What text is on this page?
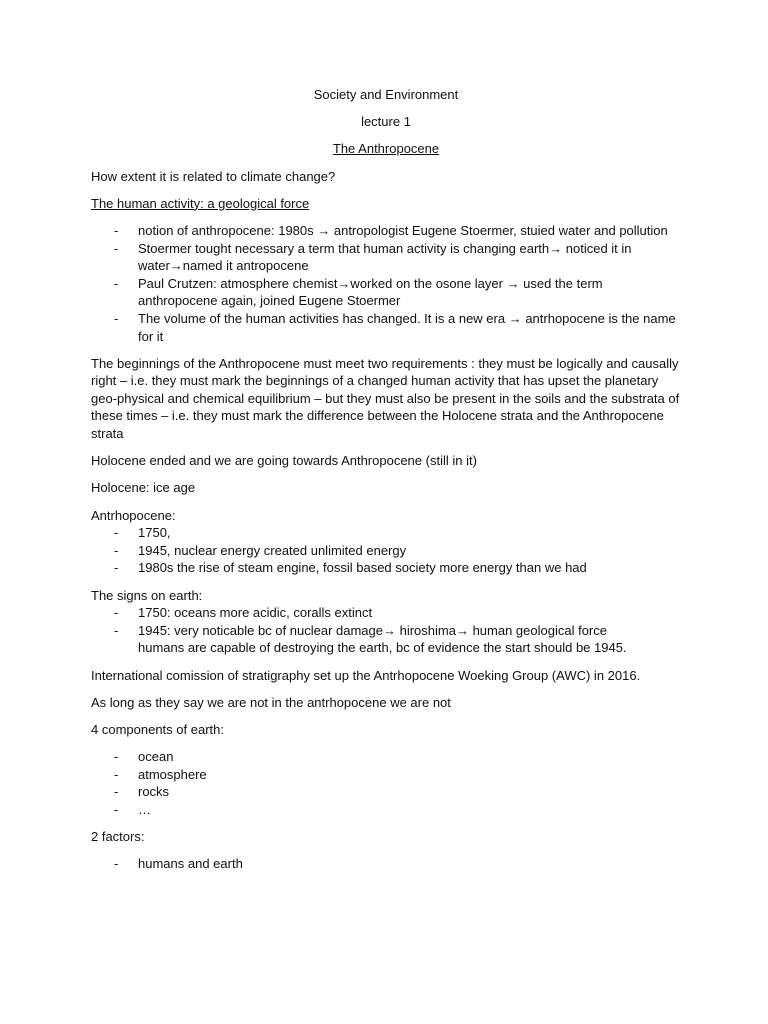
Society and Environment
lecture 1
The Anthropocene

How extent it is related to climate change?

The human activity: a geological force

- notion of anthropocene: 1980s → antropologist Eugene Stoermer, stuied water and pollution
- Stoermer tought necessary a term that human activity is changing earth→ noticed it in water→named it antropocene
- Paul Crutzen: atmosphere chemist→worked on the osone layer → used the term anthropocene again, joined Eugene Stoermer
- The volume of the human activities has changed. It is a new era → antrhopocene is the name for it

The beginnings of the Anthropocene must meet two requirements : they must be logically and causally right – i.e. they must mark the beginnings of a changed human activity that has upset the planetary geo-physical and chemical equilibrium – but they must also be present in the soils and the substrata of these times – i.e. they must mark the difference between the Holocene strata and the Anthropocene strata

Holocene ended and we are going towards Anthropocene (still in it)

Holocene: ice age

Antrhopocene:
- 1750,
- 1945, nuclear energy created unlimited energy
- 1980s the rise of steam engine, fossil based society more energy than we had
The signs on earth:
- 1750: oceans more acidic, coralls extinct
- 1945: very noticable bc of nuclear damage→ hiroshima→ human geological force
humans are capable of destroying the earth, bc of evidence the start should be 1945.

International comission of stratigraphy set up the Antrhopocene Woeking Group (AWC) in 2016.

As long as they say we are not in the antrhopocene we are not

4 components of earth:

- ocean
- atmosphere
- rocks
- …

2 factors:

- humans and earth
